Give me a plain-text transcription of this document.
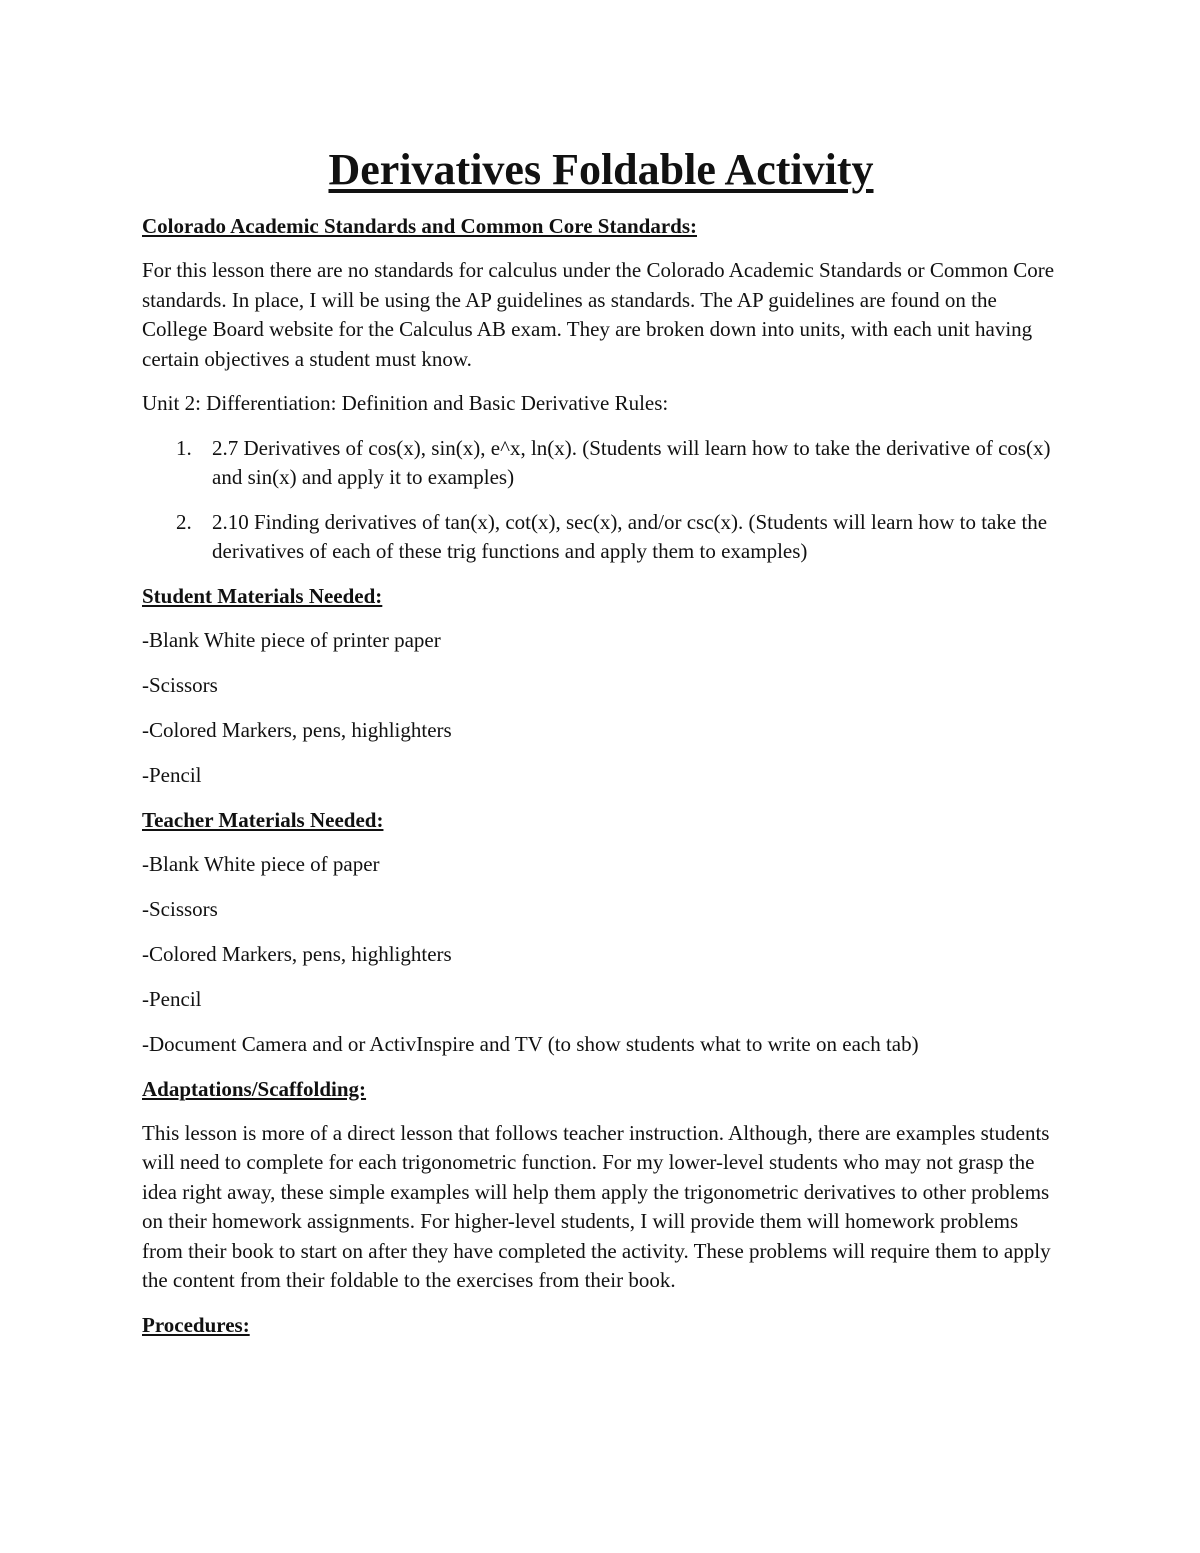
Derivatives Foldable Activity
Colorado Academic Standards and Common Core Standards:

For this lesson there are no standards for calculus under the Colorado Academic Standards or Common Core standards. In place, I will be using the AP guidelines as standards. The AP guidelines are found on the College Board website for the Calculus AB exam. They are broken down into units, with each unit having certain objectives a student must know.

Unit 2: Differentiation: Definition and Basic Derivative Rules:

1. 2.7 Derivatives of cos(x), sin(x), e^x, ln(x). (Students will learn how to take the derivative of cos(x) and sin(x) and apply it to examples)
2. 2.10 Finding derivatives of tan(x), cot(x), sec(x), and/or csc(x). (Students will learn how to take the derivatives of each of these trig functions and apply them to examples)
Student Materials Needed:
-Blank White piece of printer paper
-Scissors
-Colored Markers, pens, highlighters
-Pencil
Teacher Materials Needed:
-Blank White piece of paper
-Scissors
-Colored Markers, pens, highlighters
-Pencil
-Document Camera and or ActivInspire and TV (to show students what to write on each tab)
Adaptations/Scaffolding:

This lesson is more of a direct lesson that follows teacher instruction. Although, there are examples students will need to complete for each trigonometric function. For my lower-level students who may not grasp the idea right away, these simple examples will help them apply the trigonometric derivatives to other problems on their homework assignments. For higher-level students, I will provide them will homework problems from their book to start on after they have completed the activity. These problems will require them to apply the content from their foldable to the exercises from their book.

Procedures:
